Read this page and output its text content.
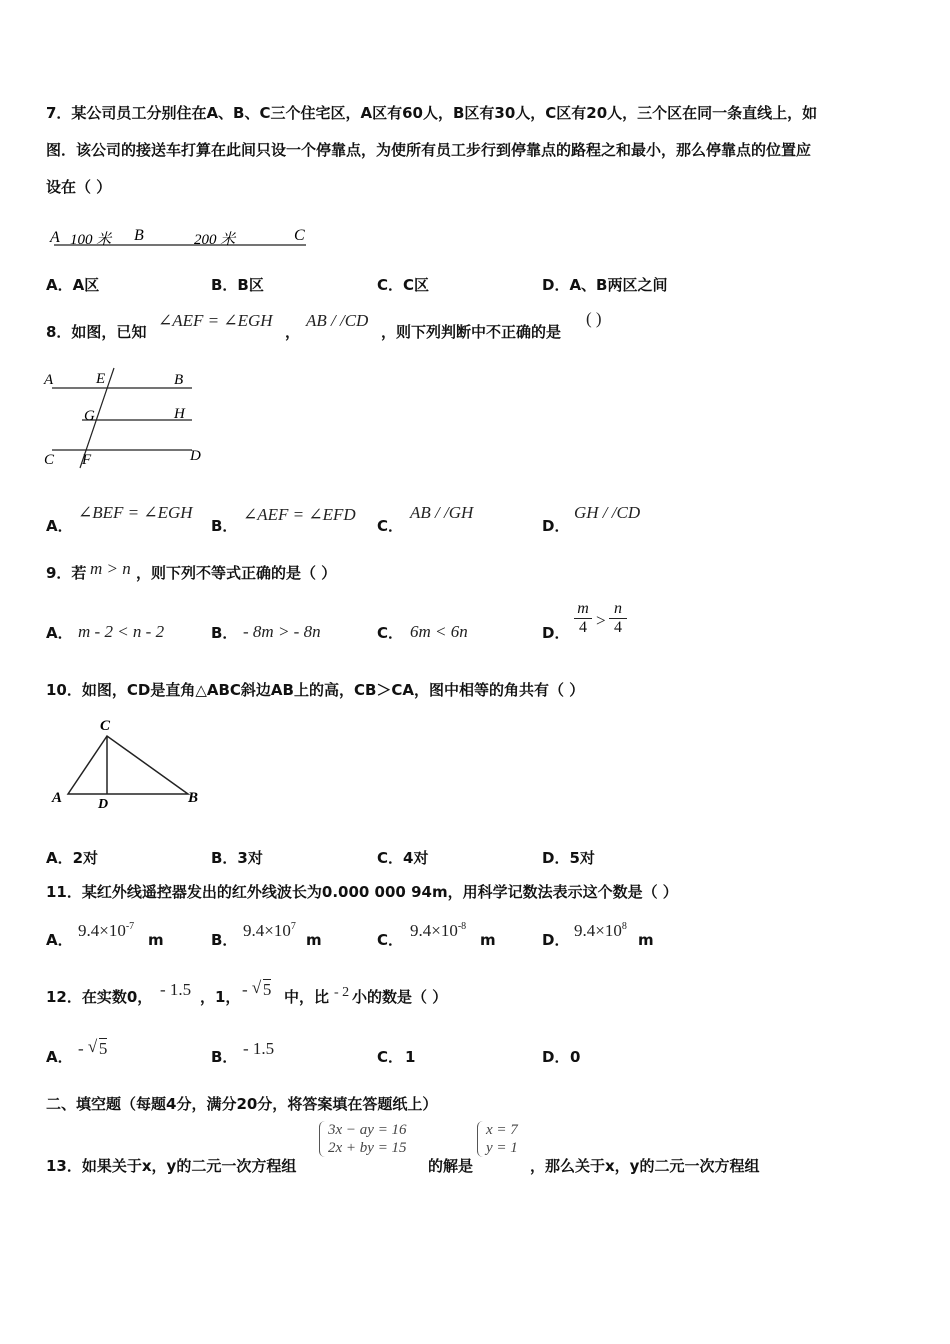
7．某公司员工分别住在A、B、C三个住宅区，A区有60人，B区有30人，C区有20人，三个区在同一条直线上，如
图．该公司的接送车打算在此间只设一个停靠点，为使所有员工步行到停靠点的路程之和最小，那么停靠点的位置应
设在（ ）
A 100 米 B	200 米	C
A．A区	B．B区	C．C区	D．A、B两区之间
8．如图，已知
∠AEF = ∠EGH
，
AB / /CD
，则下列判断中不正确的是
( )
A	E	B
G	H
C F	D
A．
∠BEF = ∠EGH
B．
∠AEF = ∠EFD
C．
AB / /GH
D．
GH / /CD
9．若 m > n ，则下列不等式正确的是（ ）
A． m - 2 < n - 2	B． - 8m > - 8n	C． 6m < 6n	D． $\frac{m}{4} > \frac{n}{4}$
10．如图，CD是直角△ABC斜边AB上的高，CB＞CA，图中相等的角共有（ ）
C
A	D	B
A．2对	B．3对	C．4对	D．5对
11．某红外线遥控器发出的红外线波长为0.000 000 94m，用科学记数法表示这个数是（ ）
A． $9.4\times 10^{-7}$
m	B． $9.4\times 10^7$
m	C． $9.4\times 10^{-8}$
m	D． $9.4\times 10^8$
m
12．在实数0， - 1.5 ，1， - √ 5 中，比 - 2 小的数是（ ）
A． - √ 5	B． - 1.5	C． 1	D． 0
二、填空题（每题4分，满分20分，将答案填在答题纸上）
13．如果关于x，y的二元一次方程组
3x − ay = 16
2x + by = 15
的解是
x = 7
y = 1
，那么关于x，y的二元一次方程组
